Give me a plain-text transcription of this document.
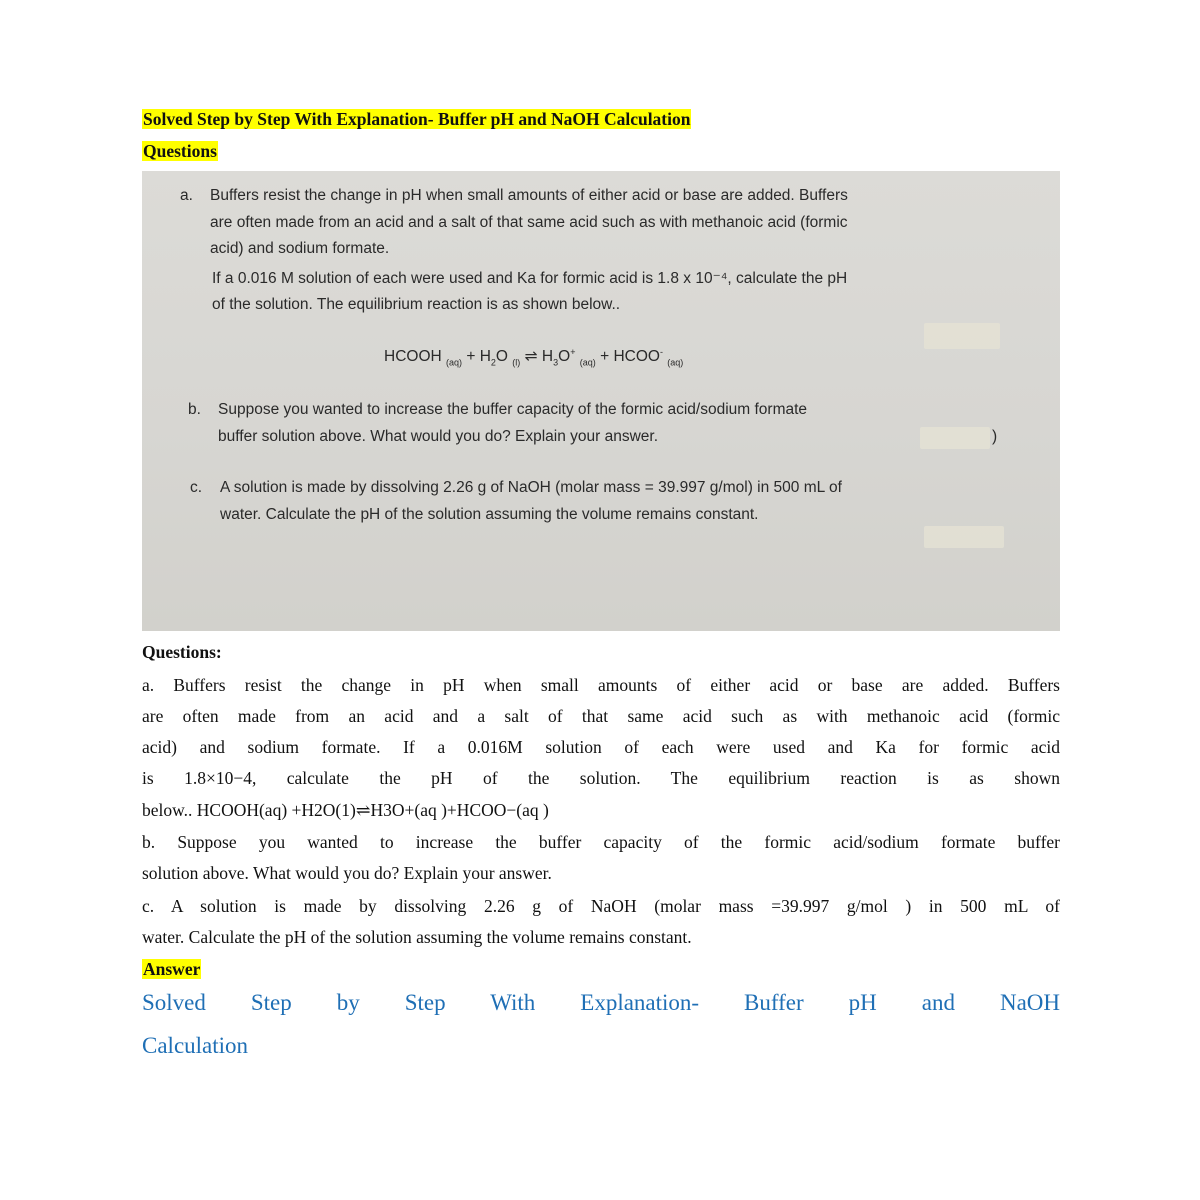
Solved Step by Step With Explanation- Buffer pH and NaOH Calculation
Questions
a. Buffers resist the change in pH when small amounts of either acid or base are added. Buffers
are often made from an acid and a salt of that same acid such as with methanoic acid (formic
acid) and sodium formate.
If a 0.016 M solution of each were used and Ka for formic acid is 1.8 x 10⁻⁴, calculate the pH
of the solution. The equilibrium reaction is as shown below..
HCOOH $_{(aq)} + H_2O$ $_{(l)}$ ⇌ $H_3O^+$ $_{(aq)}$ + HCOO- $_{(aq)}$
b. Suppose you wanted to increase the buffer capacity of the formic acid/sodium formate
buffer solution above. What would you do? Explain your answer.	)
c. A solution is made by dissolving 2.26 g of NaOH (molar mass = 39.997 g/mol) in 500 mL of
water. Calculate the pH of the solution assuming the volume remains constant.
Questions:
a. Buffers resist the change in pH when small amounts of either acid or base are added. Buffers
are often made from an acid and a salt of that same acid such as with methanoic acid (formic
acid) and sodium formate. If a 0.016M solution of each were used and Ka for formic acid
is 1.8×10−4, calculate the pH of the solution. The equilibrium reaction is as shown
below.. HCOOH(aq) +H2O(1)⇌H3O+(aq )+HCOO−(aq )
b. Suppose you wanted to increase the buffer capacity of the formic acid/sodium formate buffer
solution above. What would you do? Explain your answer.
c. A solution is made by dissolving 2.26 g of NaOH (molar mass =39.997 g/mol ) in 500 mL of
water. Calculate the pH of the solution assuming the volume remains constant.
Answer
Solved Step by Step With Explanation- Buffer pH and NaOH
Calculation
